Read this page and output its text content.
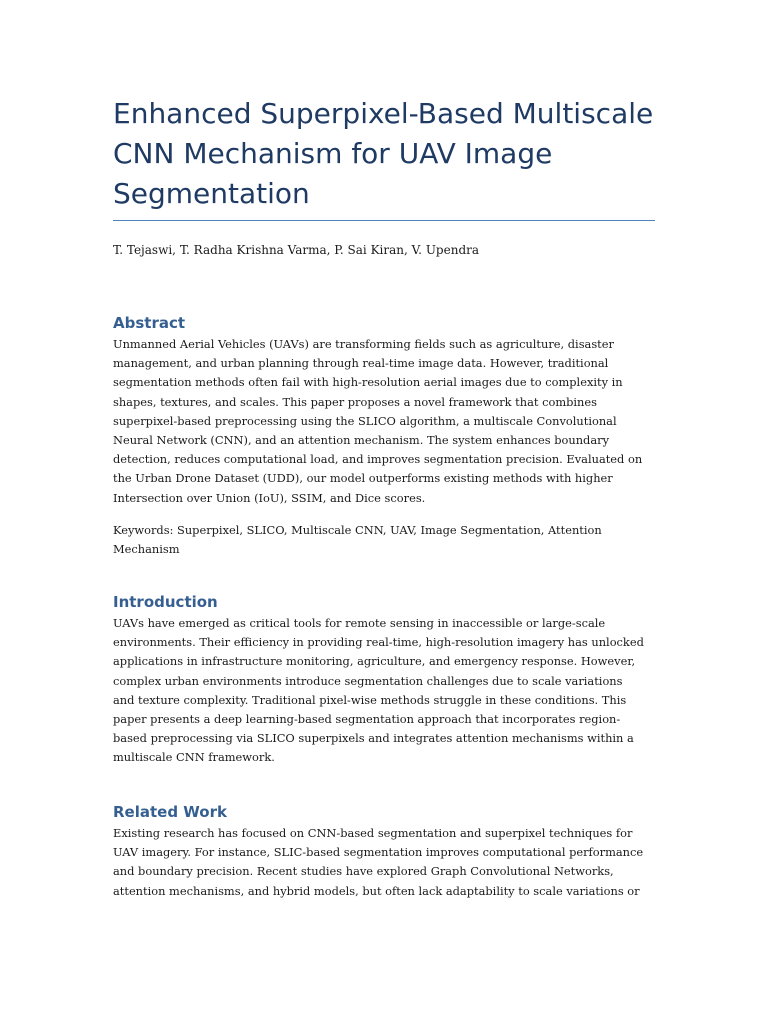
Enhanced Superpixel-Based Multiscale
CNN Mechanism for UAV Image
Segmentation

T. Tejaswi, T. Radha Krishna Varma, P. Sai Kiran, V. Upendra

Abstract

Unmanned Aerial Vehicles (UAVs) are transforming fields such as agriculture, disaster
management, and urban planning through real-time image data. However, traditional
segmentation methods often fail with high-resolution aerial images due to complexity in
shapes, textures, and scales. This paper proposes a novel framework that combines
superpixel-based preprocessing using the SLICO algorithm, a multiscale Convolutional
Neural Network (CNN), and an attention mechanism. The system enhances boundary
detection, reduces computational load, and improves segmentation precision. Evaluated on
the Urban Drone Dataset (UDD), our model outperforms existing methods with higher
Intersection over Union (IoU), SSIM, and Dice scores.

Keywords: Superpixel, SLICO, Multiscale CNN, UAV, Image Segmentation, Attention
Mechanism

Introduction

UAVs have emerged as critical tools for remote sensing in inaccessible or large-scale
environments. Their efficiency in providing real-time, high-resolution imagery has unlocked
applications in infrastructure monitoring, agriculture, and emergency response. However,
complex urban environments introduce segmentation challenges due to scale variations
and texture complexity. Traditional pixel-wise methods struggle in these conditions. This
paper presents a deep learning-based segmentation approach that incorporates region-
based preprocessing via SLICO superpixels and integrates attention mechanisms within a
multiscale CNN framework.

Related Work

Existing research has focused on CNN-based segmentation and superpixel techniques for
UAV imagery. For instance, SLIC-based segmentation improves computational performance
and boundary precision. Recent studies have explored Graph Convolutional Networks,
attention mechanisms, and hybrid models, but often lack adaptability to scale variations or
